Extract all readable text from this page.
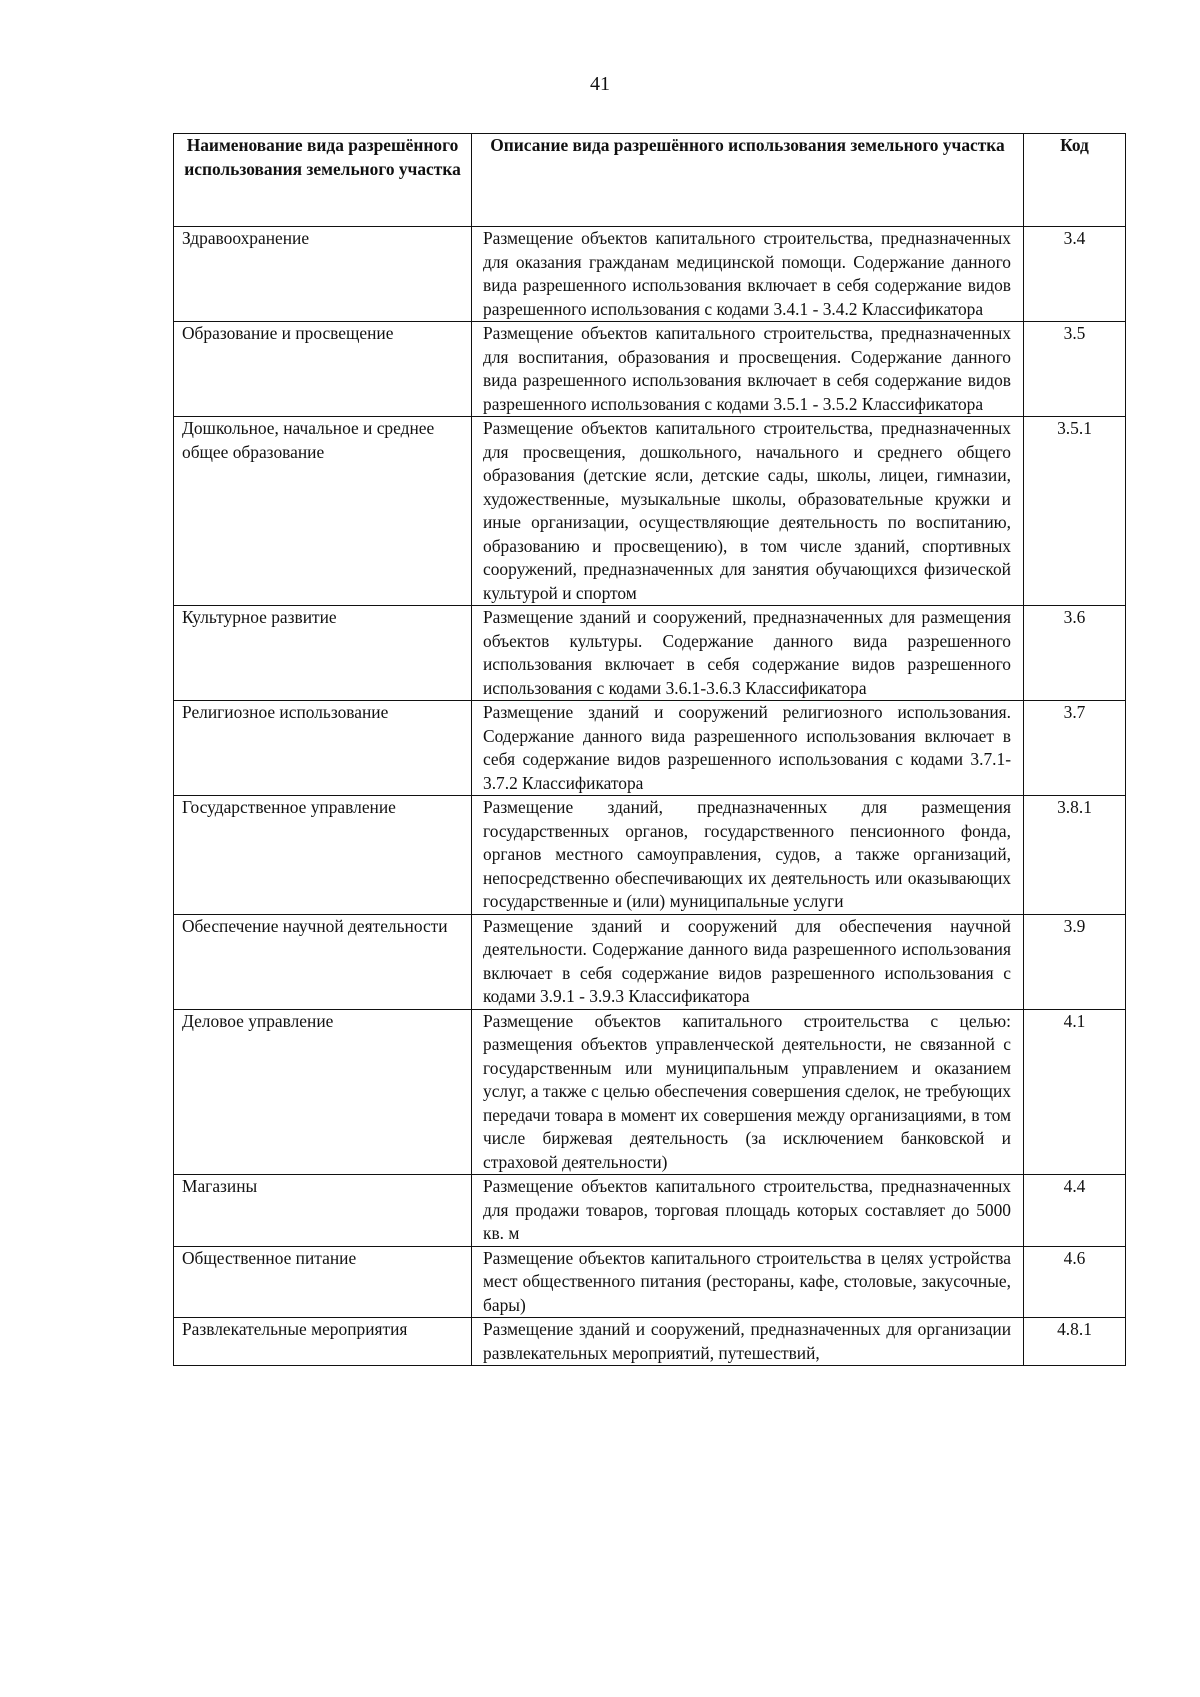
41
Наименование вида разрешённого использования земельного участка	Описание вида разрешённого использования земельного участка	Код
Здравоохранение	Размещение объектов капитального строительства, предназначенных для оказания гражданам медицинской помощи. Содержание данного вида разрешенного использования включает в себя содержание видов разрешенного использования с кодами 3.4.1 - 3.4.2 Классификатора	3.4
Образование и просвещение	Размещение объектов капитального строительства, предназначенных для воспитания, образования и просвещения. Содержание данного вида разрешенного использования включает в себя содержание видов разрешенного использования с кодами 3.5.1 - 3.5.2 Классификатора	3.5
Дошкольное, начальное и среднее общее образование	Размещение объектов капитального строительства, предназначенных для просвещения, дошкольного, начального и среднего общего образования (детские ясли, детские сады, школы, лицеи, гимназии, художественные, музыкальные школы, образовательные кружки и иные организации, осуществляющие деятельность по воспитанию, образованию и просвещению), в том числе зданий, спортивных сооружений, предназначенных для занятия обучающихся физической культурой и спортом	3.5.1
Культурное развитие	Размещение зданий и сооружений, предназначенных для размещения объектов культуры. Содержание данного вида разрешенного использования включает в себя содержание видов разрешенного использования с кодами 3.6.1-3.6.3 Классификатора	3.6
Религиозное использование	Размещение зданий и сооружений религиозного использования. Содержание данного вида разрешенного использования включает в себя содержание видов разрешенного использования с кодами 3.7.1-3.7.2 Классификатора	3.7
Государственное управление	Размещение зданий, предназначенных для размещения государственных органов, государственного пенсионного фонда, органов местного самоуправления, судов, а также организаций, непосредственно обеспечивающих их деятельность или оказывающих государственные и (или) муниципальные услуги	3.8.1
Обеспечение научной деятельности	Размещение зданий и сооружений для обеспечения научной деятельности. Содержание данного вида разрешенного использования включает в себя содержание видов разрешенного использования с кодами 3.9.1 - 3.9.3 Классификатора	3.9
Деловое управление	Размещение объектов капитального строительства с целью: размещения объектов управленческой деятельности, не связанной с государственным или муниципальным управлением и оказанием услуг, а также с целью обеспечения совершения сделок, не требующих передачи товара в момент их совершения между организациями, в том числе биржевая деятельность (за исключением банковской и страховой деятельности)	4.1
Магазины	Размещение объектов капитального строительства, предназначенных для продажи товаров, торговая площадь которых составляет до 5000 кв. м	4.4
Общественное питание	Размещение объектов капитального строительства в целях устройства мест общественного питания (рестораны, кафе, столовые, закусочные, бары)	4.6
Развлекательные мероприятия	Размещение зданий и сооружений, предназначенных для организации развлекательных мероприятий, путешествий,	4.8.1
